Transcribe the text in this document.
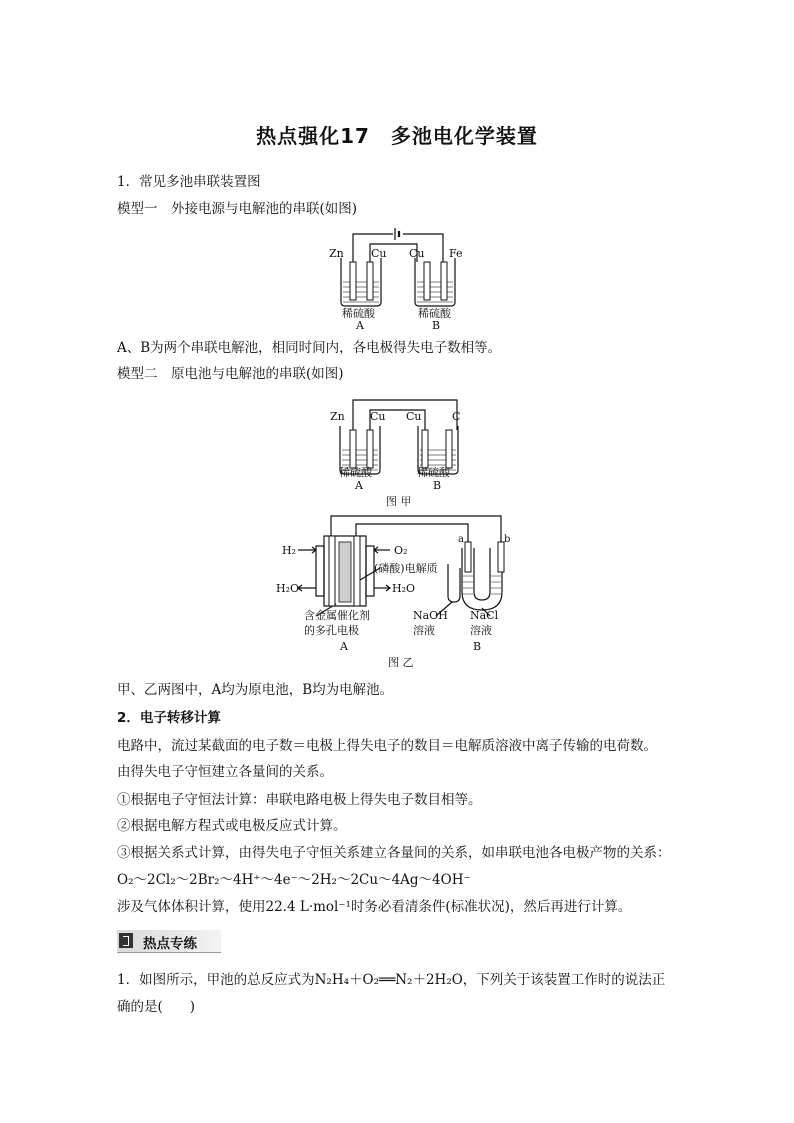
热点强化17　多池电化学装置
1．常见多池串联装置图
模型一　外接电源与电解池的串联(如图)
Zn Cu Cu Fe
稀硫酸	稀硫酸
A	B
A、B为两个串联电解池，相同时间内，各电极得失电子数相等。
模型二　原电池与电解池的串联(如图)
Zn Cu Cu	C
稀硫酸	稀硫酸
A	B
图 甲
H₂	O₂
H₂O	H₂O
(磷酸)电解质
含金属催化剂
的多孔电极
A
NaOH
溶液
NaCl
溶液
B
a	b
图 乙
甲、乙两图中，A均为原电池，B均为电解池。
2．电子转移计算
电路中，流过某截面的电子数＝电极上得失电子的数目＝电解质溶液中离子传输的电荷数。
由得失电子守恒建立各量间的关系。
①根据电子守恒法计算：串联电路电极上得失电子数目相等。
②根据电解方程式或电极反应式计算。
③根据关系式计算，由得失电子守恒关系建立各量间的关系，如串联电池各电极产物的关系：
O₂～2Cl₂～2Br₂～4H⁺～4e⁻～2H₂～2Cu～4Ag～4OH⁻
涉及气体体积计算，使用22.4 L·mol⁻¹时务必看清条件(标准状况)，然后再进行计算。
热点专练
1．如图所示，甲池的总反应式为N₂H₄＋O₂══N₂＋2H₂O，下列关于该装置工作时的说法正
确的是(　　)
